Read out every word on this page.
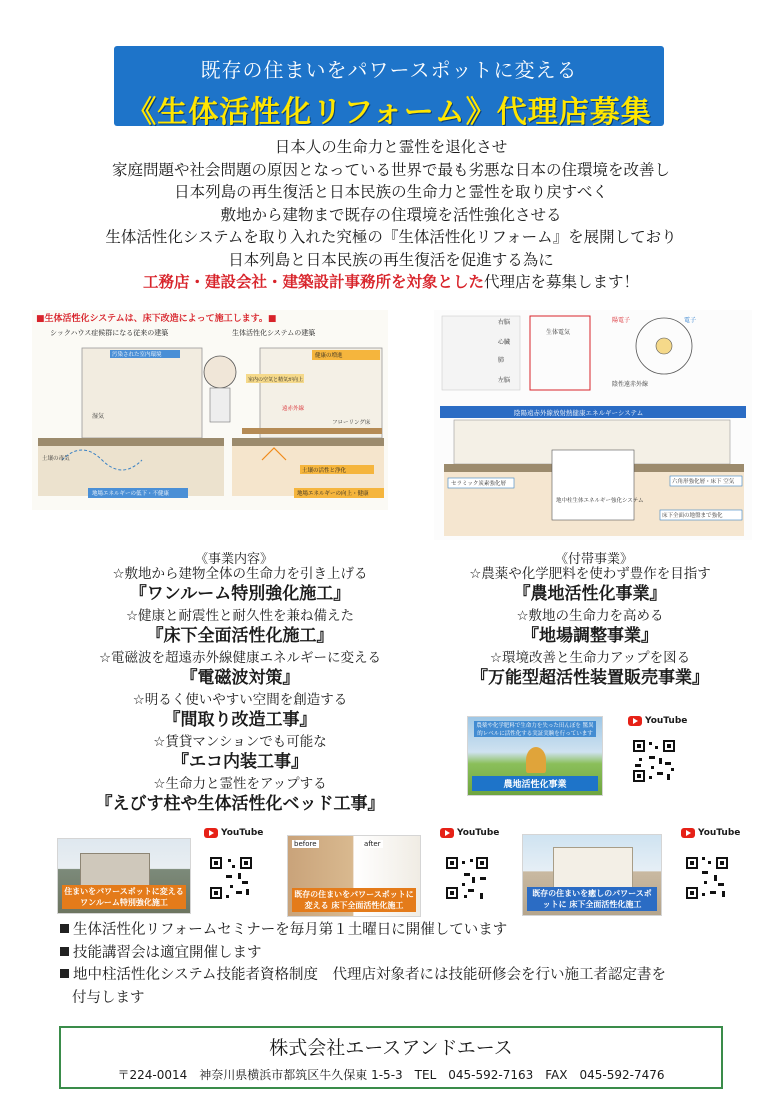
既存の住まいをパワースポットに変える
《生体活性化リフォーム》代理店募集
日本人の生命力と霊性を退化させ
家庭問題や社会問題の原因となっている世界で最も劣悪な日本の住環境を改善し
日本列島の再生復活と日本民族の生命力と霊性を取り戻すべく
敷地から建物まで既存の住環境を活性強化させる
生体活性化システムを取り入れた究極の『生体活性化リフォーム』を展開しており
日本列島と日本民族の再生復活を促進する為に
工務店・建設会社・建築設計事務所を対象とした代理店を募集します！
■生体活性化システムは、床下改造によって施工します。■
シックハウス症候群になる従来の建築	生体活性化システムの建築
汚染された室内環境
湿気
土壌の毒気
地場エネルギーの低下・不健康
健康の増進
室内の空気と精気が向上
フローリング床
遠赤外線
土壌の活性と浄化
地場エネルギーの向上・健康
右脳
心臓
肺
左脳
生体電気
陽電子	電子
陰性遠赤外線
陰陽遠赤外線放射熱健康エネルギーシステム
地中柱生体エネルギー強化システム
セラミック炭素強化層
床下全面の地盤まで強化
六角形強化層・床下 空気
《事業内容》
☆敷地から建物全体の生命力を引き上げる
『ワンルーム特別強化施工』
☆健康と耐震性と耐久性を兼ね備えた
『床下全面活性化施工』
☆電磁波を超遠赤外線健康エネルギーに変える
『電磁波対策』
☆明るく使いやすい空間を創造する
『間取り改造工事』
☆賃貸マンションでも可能な
『エコ内装工事』
☆生命力と霊性をアップする
『えびす柱や生体活性化ベッド工事』
《付帯事業》
☆農薬や化学肥料を使わず豊作を目指す
『農地活性化事業』
☆敷地の生命力を高める
『地場調整事業』
☆環境改善と生命力アップを図る
『万能型超活性装置販売事業』
農薬や化学肥料で生命力を失った田んぼを 驚異的レベルに活性化する実証実験を行っています
農地活性化事業
YouTube
住まいをパワースポットに変える ワンルーム特別強化施工
YouTube
before	after
既存の住まいをパワースポットに変える 床下全面活性化施工
YouTube
既存の住まいを癒しのパワースポットに 床下全面活性化施工
YouTube
生体活性化リフォームセミナーを毎月第１土曜日に開催しています
技能講習会は適宜開催します
地中柱活性化システム技能者資格制度　代理店対象者には技能研修会を行い施工者認定書を
付与します
株式会社エースアンドエース
〒224-0014　神奈川県横浜市都筑区牛久保東 1-5-3　TEL　045-592-7163　FAX　045-592-7476
